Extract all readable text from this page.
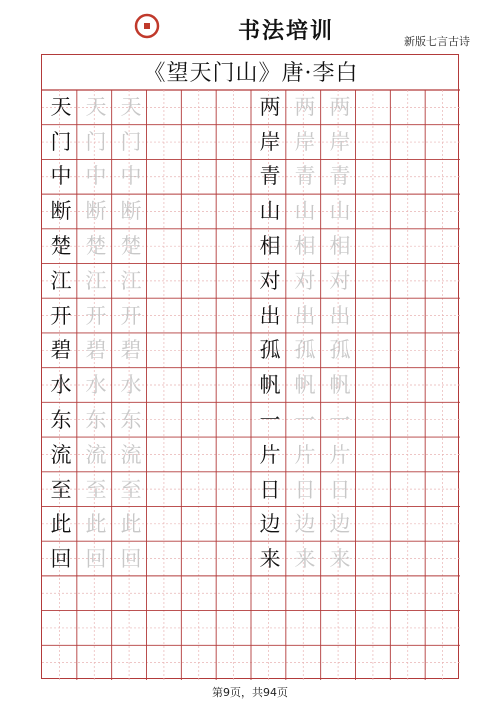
书法培训	新版七言古诗
《望天门山》唐·李白
天
门
中
断
楚
江
开
碧
水
东
流
至
此
回
天
门
中
断
楚
江
开
碧
水
东
流
至
此
回
天
门
中
断
楚
江
开
碧
水
东
流
至
此
回
两
岸
青
山
相
对
出
孤
帆
一
片
日
边
来
两
岸
青
山
相
对
出
孤
帆
一
片
日
边
来
两
岸
青
山
相
对
出
孤
帆
一
片
日
边
来
第9页，共94页
